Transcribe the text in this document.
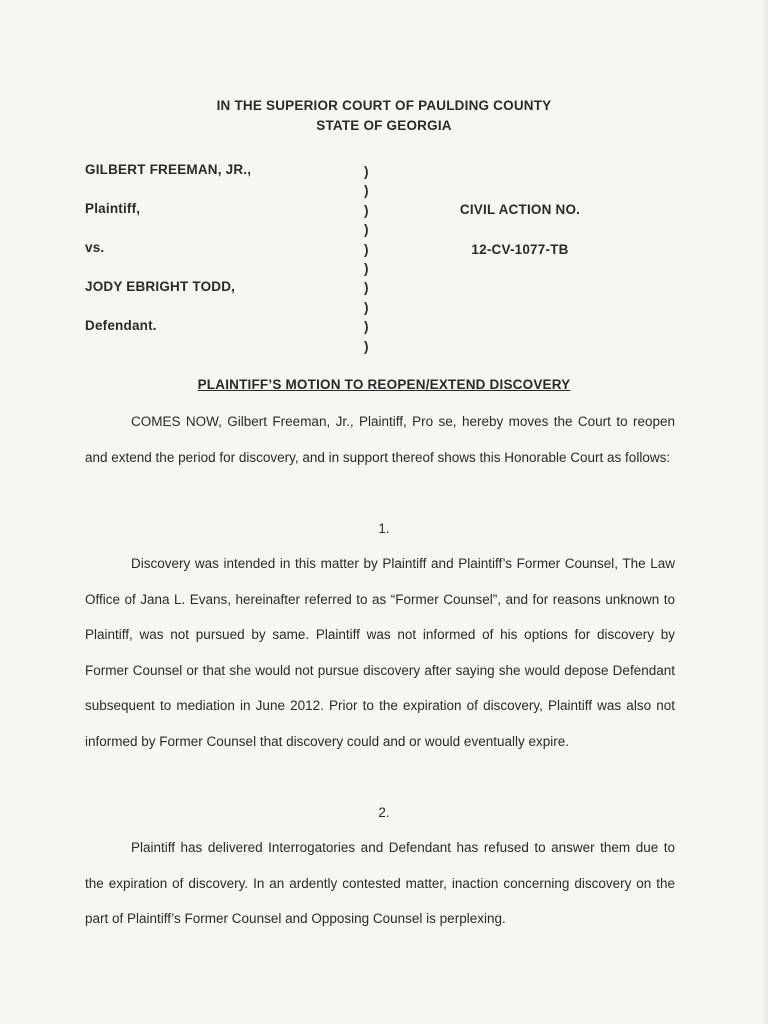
IN THE SUPERIOR COURT OF PAULDING COUNTY
STATE OF GEORGIA
GILBERT FREEMAN, JR.,
Plaintiff,
vs.
JODY EBRIGHT TODD,
Defendant.
)
)
)
)
)
)
)
)
)
)
CIVIL ACTION NO.
12-CV-1077-TB
PLAINTIFF’S MOTION TO REOPEN/EXTEND DISCOVERY

COMES NOW, Gilbert Freeman, Jr., Plaintiff, Pro se, hereby moves the Court to reopen and extend the period for discovery, and in support thereof shows this Honorable Court as follows:

1.

Discovery was intended in this matter by Plaintiff and Plaintiff’s Former Counsel, The Law Office of Jana L. Evans, hereinafter referred to as “Former Counsel”, and for reasons unknown to Plaintiff, was not pursued by same. Plaintiff was not informed of his options for discovery by Former Counsel or that she would not pursue discovery after saying she would depose Defendant subsequent to mediation in June 2012. Prior to the expiration of discovery, Plaintiff was also not informed by Former Counsel that discovery could and or would eventually expire.

2.

Plaintiff has delivered Interrogatories and Defendant has refused to answer them due to the expiration of discovery. In an ardently contested matter, inaction concerning discovery on the part of Plaintiff’s Former Counsel and Opposing Counsel is perplexing.
